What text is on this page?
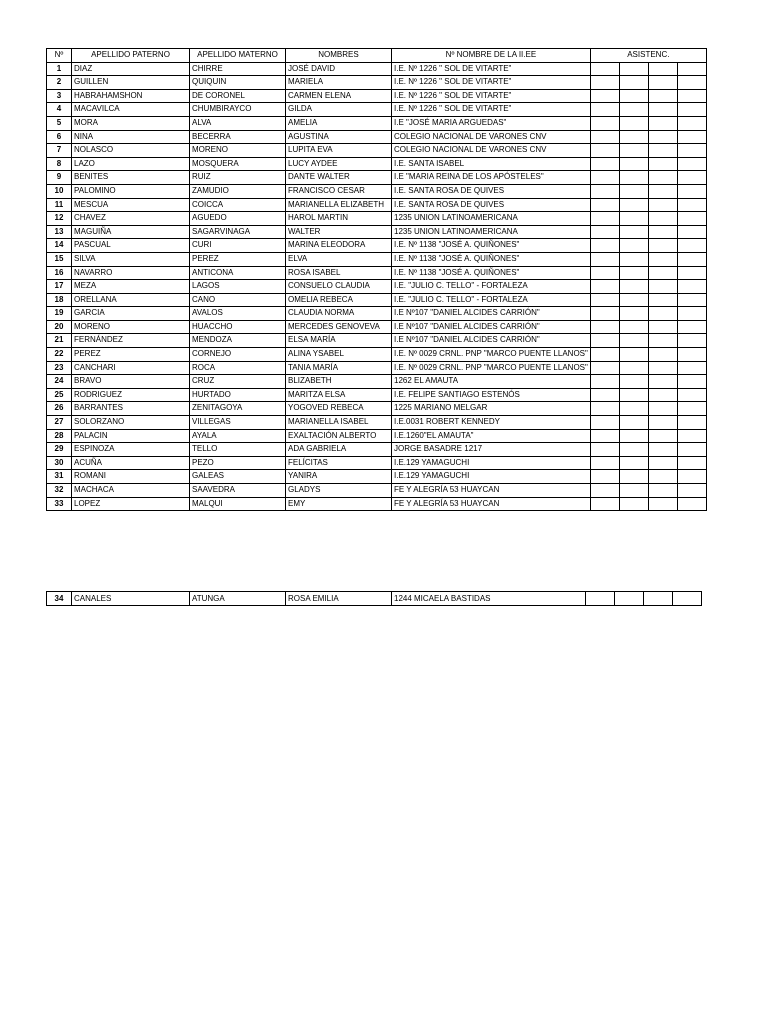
Nº	APELLIDO PATERNO	APELLIDO MATERNO	NOMBRES	Nº NOMBRE DE LA II.EE	ASISTENC.			
1	DIAZ	CHIRRE	JOSÉ DAVID	I.E. Nº 1226 " SOL DE VITARTE"				
2	GUILLEN	QUIQUIN	MARIELA	I.E. Nº 1226 " SOL DE VITARTE"				
3	HABRAHAMSHON	DE CORONEL	CARMEN ELENA	I.E. Nº 1226 " SOL DE VITARTE"				
4	MACAVILCA	CHUMBIRAYCO	GILDA	I.E. Nº 1226 " SOL DE VITARTE"				
5	MORA	ALVA	AMELIA	I.E "JOSÉ MARIA ARGUEDAS"				
6	NINA	BECERRA	AGUSTINA	COLEGIO NACIONAL DE VARONES CNV				
7	NOLASCO	MORENO	LUPITA EVA	COLEGIO NACIONAL DE VARONES CNV				
8	LAZO	MOSQUERA	LUCY AYDEE	I.E. SANTA ISABEL				
9	BENITES	RUIZ	DANTE WALTER	I.E "MARIA REINA DE LOS APÓSTELES"				
10	PALOMINO	ZAMUDIO	FRANCISCO CESAR	I.E. SANTA ROSA DE QUIVES				
11	MESCUA	COICCA	MARIANELLA ELIZABETH	I.E. SANTA ROSA DE QUIVES				
12	CHAVEZ	AGUEDO	HAROL MARTIN	1235 UNION LATINOAMERICANA				
13	MAGUIÑA	SAGARVINAGA	WALTER	1235 UNION LATINOAMERICANA				
14	PASCUAL	CURI	MARINA ELEODORA	I.E. Nº 1138 "JOSÉ A. QUIÑONES"				
15	SILVA	PEREZ	ELVA	I.E. Nº 1138 "JOSÉ A. QUIÑONES"				
16	NAVARRO	ANTICONA	ROSA ISABEL	I.E. Nº 1138 "JOSÉ A. QUIÑONES"				
17	MEZA	LAGOS	CONSUELO CLAUDIA	I.E. "JULIO C. TELLO" - FORTALEZA				
18	ORELLANA	CANO	OMELIA REBECA	I.E. "JULIO C. TELLO" - FORTALEZA				
19	GARCIA	AVALOS	CLAUDIA NORMA	I.E Nº107 "DANIEL ALCIDES CARRIÓN"				
20	MORENO	HUACCHO	MERCEDES GENOVEVA	I.E Nº107 "DANIEL ALCIDES CARRIÓN"				
21	FERNÁNDEZ	MENDOZA	ELSA MARÍA	I.E Nº107 "DANIEL ALCIDES CARRIÓN"				
22	PEREZ	CORNEJO	ALINA YSABEL	I.E. Nº 0029 CRNL. PNP "MARCO PUENTE LLANOS"				
23	CANCHARI	ROCA	TANIA MARÍA	I.E. Nº 0029 CRNL. PNP "MARCO PUENTE LLANOS"				
24	BRAVO	CRUZ	BLIZABETH	1262 EL AMAUTA				
25	RODRIGUEZ	HURTADO	MARITZA ELSA	I.E. FELIPE SANTIAGO ESTENÓS				
26	BARRANTES	ZENITAGOYA	YOGOVED REBECA	1225 MARIANO MELGAR				
27	SOLORZANO	VILLEGAS	MARIANELLA ISABEL	I.E.0031 ROBERT KENNEDY				
28	PALACIN	AYALA	EXALTACIÓN ALBERTO	I.E.1260"EL AMAUTA"				
29	ESPINOZA	TELLO	ADA GABRIELA	JORGE BASADRE 1217				
30	ACUÑA	PEZO	FELÍCITAS	I.E.129 YAMAGUCHI				
31	ROMANI	GALEAS	YANIRA	I.E.129 YAMAGUCHI				
32	MACHACA	SAAVEDRA	GLADYS	FE Y ALEGRÍA 53 HUAYCAN				
33	LOPEZ	MALQUI	EMY	FE Y ALEGRÍA 53 HUAYCAN				
34	CANALES	ATUNGA	ROSA EMILIA	1244 MICAELA BASTIDAS				
